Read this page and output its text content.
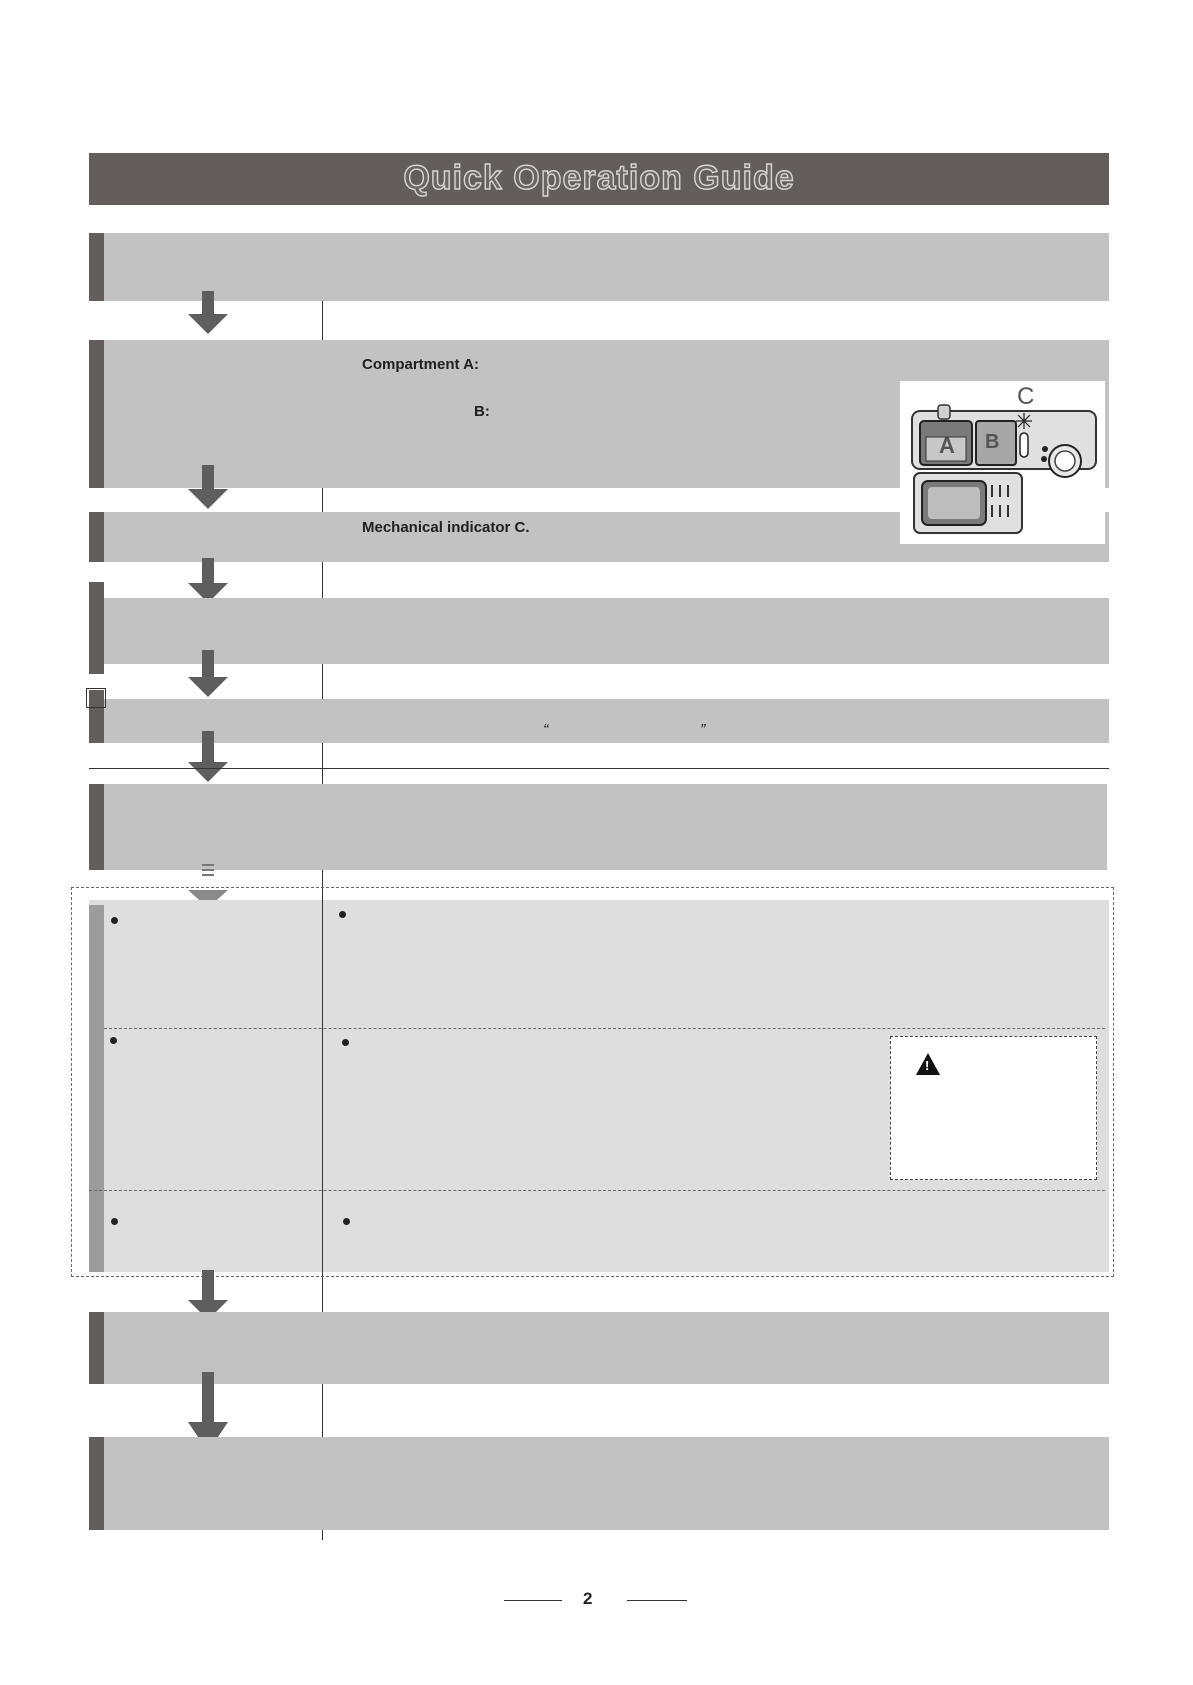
Quick Operation Guide
Compartment A:
B:
Mechanical indicator C.
C
A B
“	”
!
2
